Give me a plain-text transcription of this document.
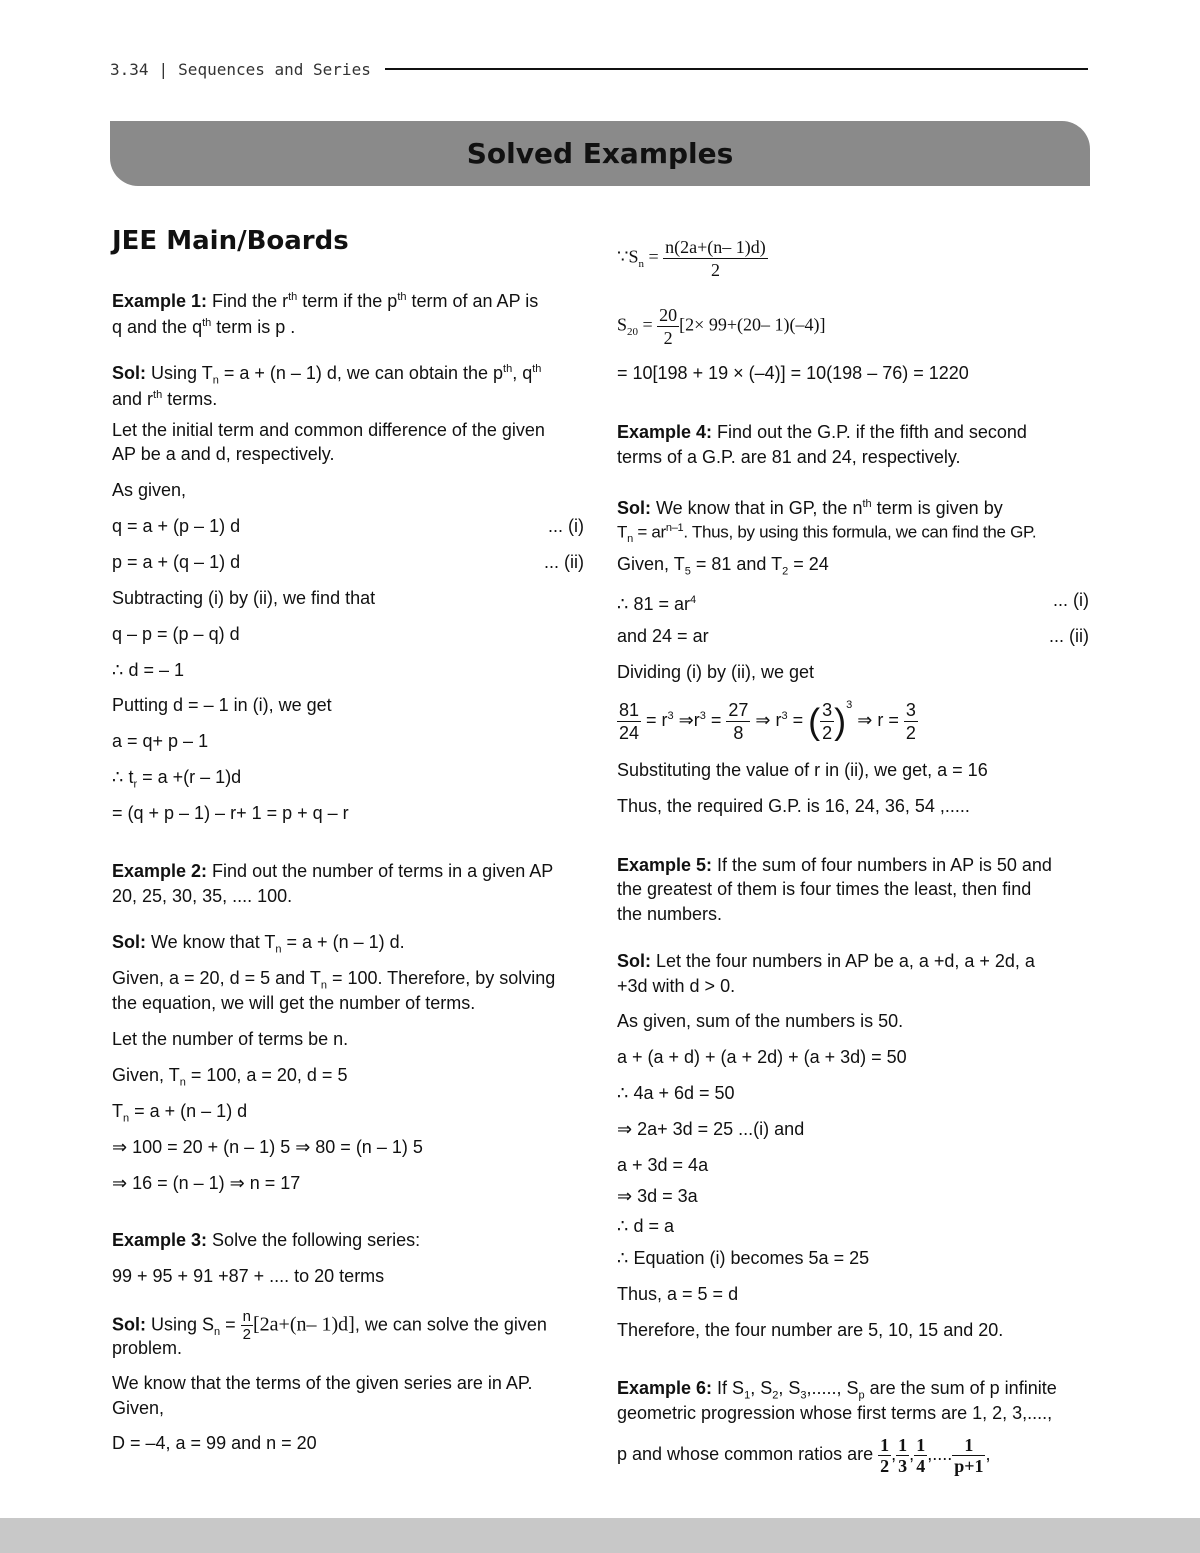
3.34 | Sequences and Series
Solved Examples
JEE Main/Boards
Example 1: Find the $r^{th}$ term if the $p^{th}$ term of an AP is
q and the $q^{th}$ term is p .
Sol: Using $T_n = a + (n - 1)$ d, we can obtain the $p^{th}$, $q^{th}$
and $r^{th}$ terms.
Let the initial term and common difference of the given
AP be a and d, respectively.
As given,
q = a + (p – 1) d	... (i)
p = a + (q – 1) d	... (ii)
Subtracting (i) by (ii), we find that
q – p = (p – q) d
∴ d = – 1
Putting d = – 1 in (i), we get
a = q+ p – 1
∴ $t_r = a +(r - 1)d$
= (q + p – 1) – r+ 1 = p + q – r
Example 2: Find out the number of terms in a given AP
20, 25, 30, 35, .... 100.
Sol: We know that $T_n = a + (n - 1)$ d.
Given, a = 20, d = 5 and $T_n = 100$. Therefore, by solving
the equation, we will get the number of terms.
Let the number of terms be n.
Given, $T_n = 100$, a = 20, d = 5
$T_n = a + (n - 1)$ d
⇒ 100 = 20 + (n – 1) 5 ⇒ 80 = (n – 1) 5
⇒ 16 = (n – 1) ⇒ n = 17
Example 3: Solve the following series:
99 + 95 + 91 +87 + .... to 20 terms
Sol: Using $S_n = \frac{n}{2} [2a+(n-$ 1)d], we can solve the given
problem.
We know that the terms of the given series are in AP.
Given,
D = –4, a = 99 and n = 20
$\because S_n = \frac{n(2a+(n- 1)d)}{2}$
$S_{20} = \frac{20}{2} [2\times 99+(20-$ 1)(–4)]
= 10[198 + 19 × (–4)] = 10(198 – 76) = 1220
Example 4: Find out the G.P. if the fifth and second
terms of a G.P. are 81 and 24, respectively.
Sol: We know that in GP, the $n^{th}$ term is given by
$T_n = ar^{n-1}$. Thus, by using this formula, we can find the GP.
Given, $T_5 = 81$ and $T_2 = 24$
∴ $81 = ar^4$	... (i)
and 24 = ar	... (ii)
Dividing (i) by (ii), we get
$\frac{81}{24} = r^3$ $\Rightarrow r^3 = \frac{27}{8}$ ⇒ $r^3$ = ( $\frac{3}{2} )^3$ ⇒ $r = \frac{3}{2}$
Substituting the value of r in (ii), we get, a = 16
Thus, the required G.P. is 16, 24, 36, 54 ,.....
Example 5: If the sum of four numbers in AP is 50 and
the greatest of them is four times the least, then find
the numbers.
Sol: Let the four numbers in AP be a, a +d, a + 2d, a
+3d with d > 0.
As given, sum of the numbers is 50.
a + (a + d) + (a + 2d) + (a + 3d) = 50
∴ 4a + 6d = 50
⇒ 2a+ 3d = 25 ...(i) and
a + 3d = 4a
⇒ 3d = 3a
∴ d = a
∴ Equation (i) becomes 5a = 25
Thus, a = 5 = d
Therefore, the four number are 5, 10, 15 and 20.
Example 6: If $S_1$, $S_2$, $S_3$,....., $S_p$ are the sum of p infinite
geometric progression whose first terms are 1, 2, 3,....,
p and whose common ratios are $\frac{1}{2}$ , $\frac{1}{3}$ , $\frac{1}{4}$ ,.... $\frac{1}{p+1}$ ,
